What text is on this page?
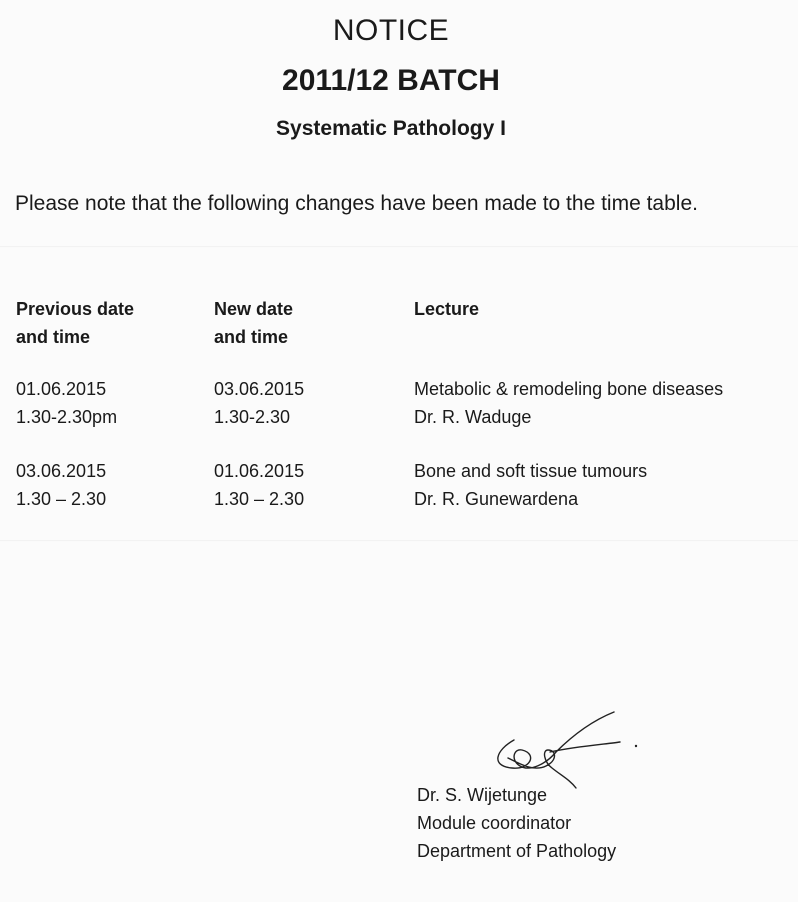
NOTICE
2011/12 BATCH
Systematic Pathology I
Please note that the following changes have been made to the time table.
Previous date
and time
New date
and time
Lecture
01.06.2015
1.30-2.30pm
03.06.2015
1.30-2.30
Metabolic & remodeling bone diseases
Dr. R. Waduge
03.06.2015
1.30 – 2.30
01.06.2015
1.30 – 2.30
Bone and soft tissue tumours
Dr. R. Gunewardena
Dr. S. Wijetunge
Module coordinator
Department of Pathology
